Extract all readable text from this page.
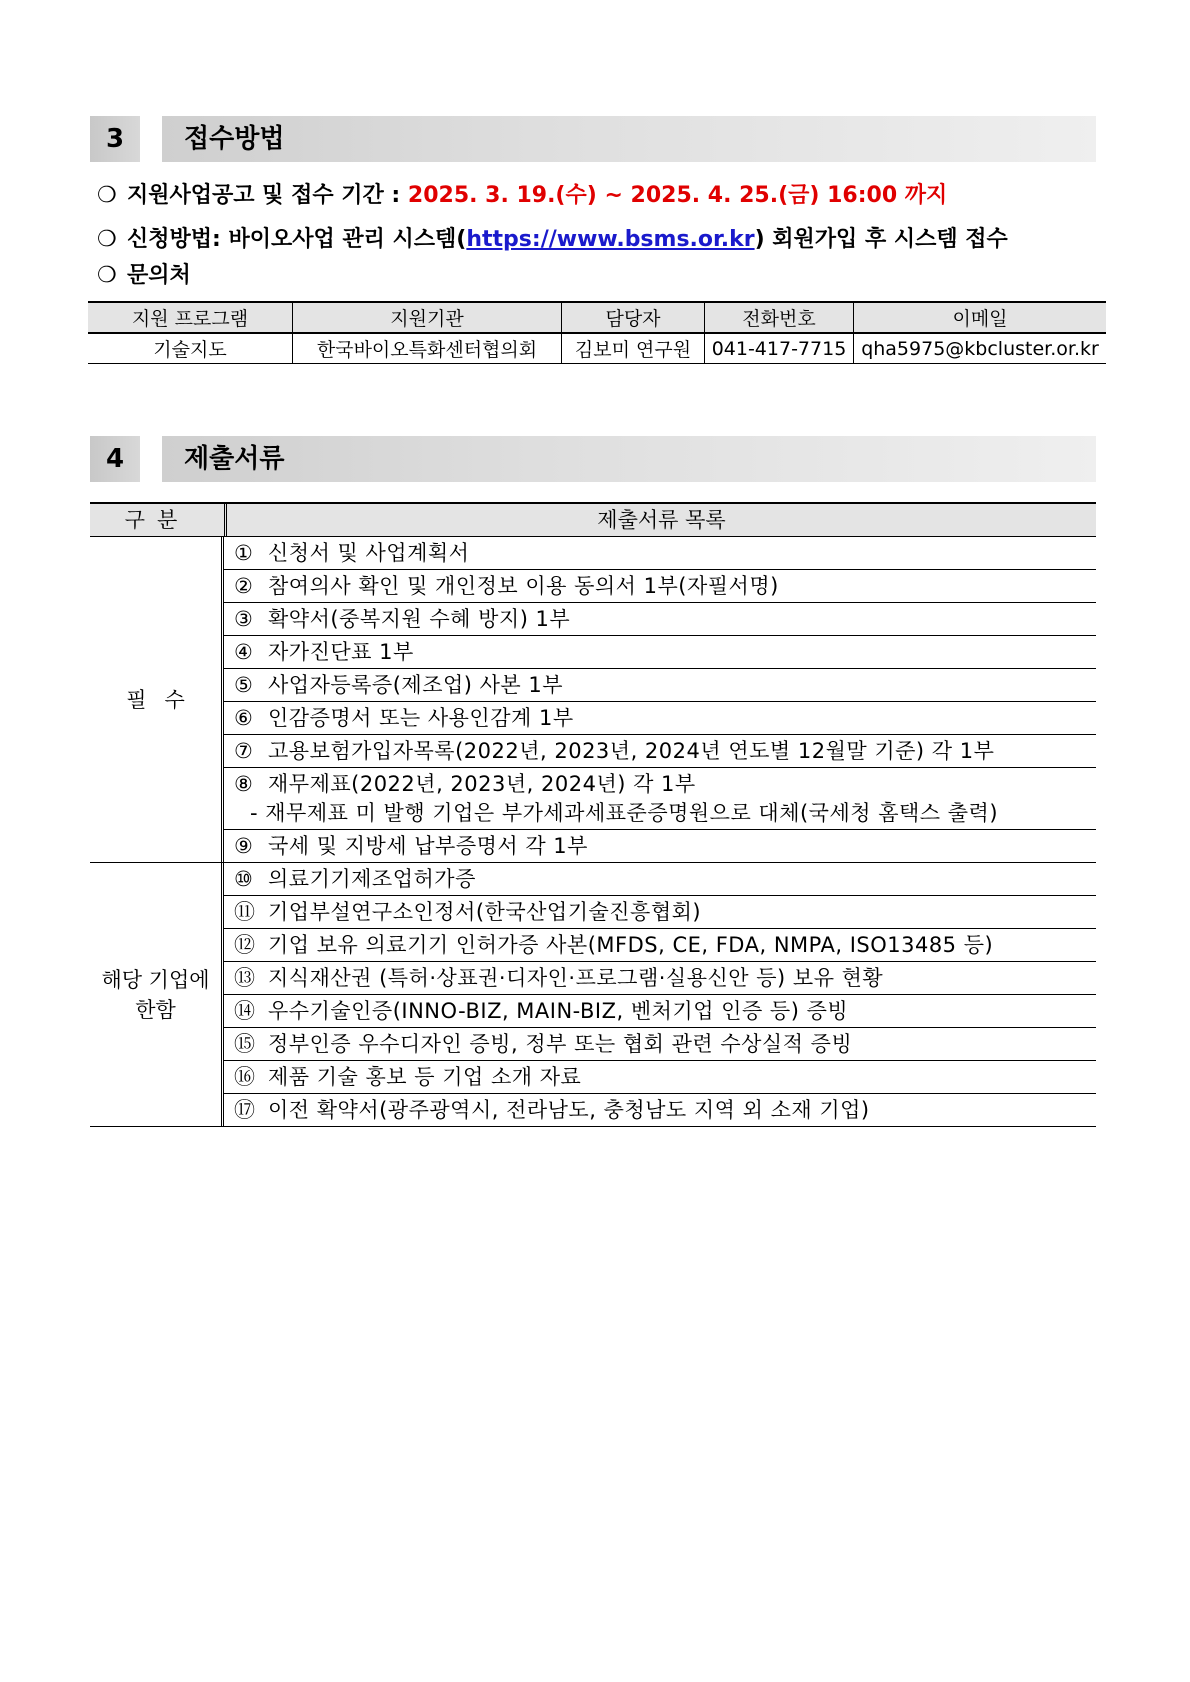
3	접수방법
❍ 지원사업공고 및 접수 기간 : 2025. 3. 19.(수) ~ 2025. 4. 25.(금) 16:00 까지
❍ 신청방법: 바이오사업 관리 시스템(https://www.bsms.or.kr) 회원가입 후 시스템 접수
❍ 문의처
지원 프로그램	지원기관	담당자	전화번호	이메일
기술지도	한국바이오특화센터협의회	김보미 연구원	041-417-7715	qha5975@kbcluster.or.kr
4	제출서류
구분	제출서류 목록
필수
① 신청서 및 사업계획서
② 참여의사 확인 및 개인정보 이용 동의서 1부(자필서명)
③ 확약서(중복지원 수혜 방지) 1부
④ 자가진단표 1부
⑤ 사업자등록증(제조업) 사본 1부
⑥ 인감증명서 또는 사용인감계 1부
⑦ 고용보험가입자목록(2022년, 2023년, 2024년 연도별 12월말 기준) 각 1부
⑧ 재무제표(2022년, 2023년, 2024년) 각 1부
- 재무제표 미 발행 기업은 부가세과세표준증명원으로 대체(국세청 홈택스 출력)
⑨ 국세 및 지방세 납부증명서 각 1부
해당 기업에 한함
⑩ 의료기기제조업허가증
⑪ 기업부설연구소인정서(한국산업기술진흥협회)
⑫ 기업 보유 의료기기 인허가증 사본(MFDS, CE, FDA, NMPA, ISO13485 등)
⑬ 지식재산권 (특허·상표권·디자인·프로그램·실용신안 등) 보유 현황
⑭ 우수기술인증(INNO-BIZ, MAIN-BIZ, 벤처기업 인증 등) 증빙
⑮ 정부인증 우수디자인 증빙, 정부 또는 협회 관련 수상실적 증빙
⑯ 제품 기술 홍보 등 기업 소개 자료
⑰ 이전 확약서(광주광역시, 전라남도, 충청남도 지역 외 소재 기업)
